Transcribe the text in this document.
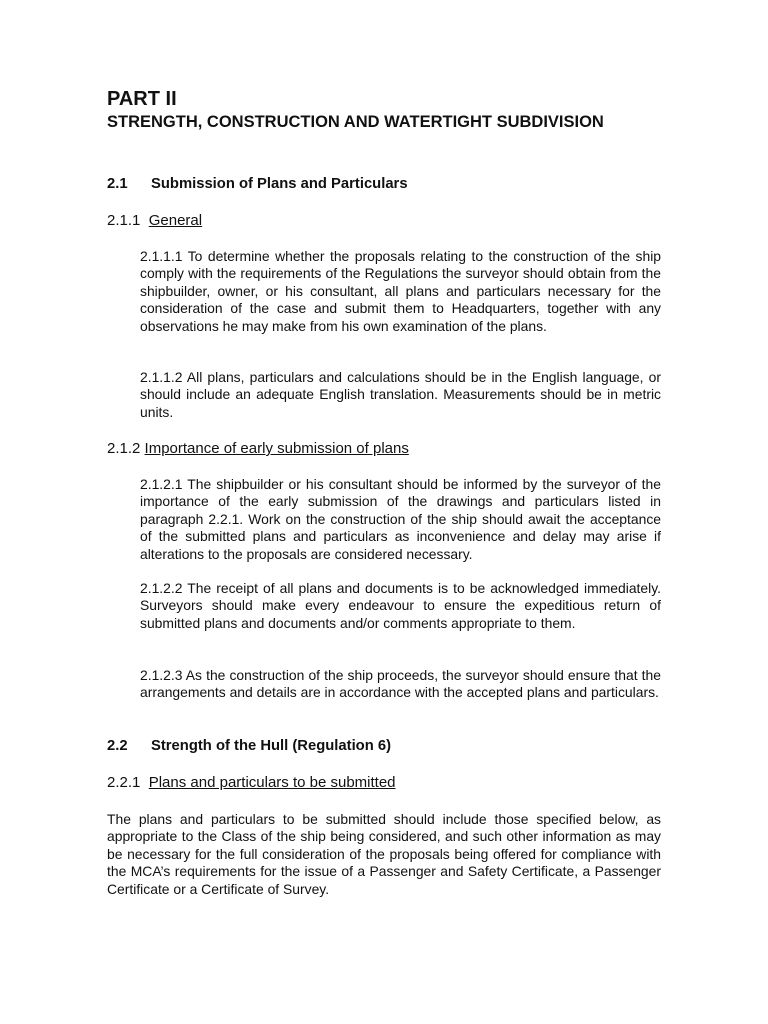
PART II
STRENGTH, CONSTRUCTION AND WATERTIGHT SUBDIVISION
2.1 Submission of Plans and Particulars
2.1.1 General

2.1.1.1 To determine whether the proposals relating to the construction of the ship comply with the requirements of the Regulations the surveyor should obtain from the shipbuilder, owner, or his consultant, all plans and particulars necessary for the consideration of the case and submit them to Headquarters, together with any observations he may make from his own examination of the plans.

2.1.1.2 All plans, particulars and calculations should be in the English language, or should include an adequate English translation. Measurements should be in metric units.

2.1.2 Importance of early submission of plans

2.1.2.1 The shipbuilder or his consultant should be informed by the surveyor of the importance of the early submission of the drawings and particulars listed in paragraph 2.2.1. Work on the construction of the ship should await the acceptance of the submitted plans and particulars as inconvenience and delay may arise if alterations to the proposals are considered necessary.

2.1.2.2 The receipt of all plans and documents is to be acknowledged immediately. Surveyors should make every endeavour to ensure the expeditious return of submitted plans and documents and/or comments appropriate to them.

2.1.2.3 As the construction of the ship proceeds, the surveyor should ensure that the arrangements and details are in accordance with the accepted plans and particulars.

2.2 Strength of the Hull (Regulation 6)
2.2.1 Plans and particulars to be submitted

The plans and particulars to be submitted should include those specified below, as appropriate to the Class of the ship being considered, and such other information as may be necessary for the full consideration of the proposals being offered for compliance with the MCA’s requirements for the issue of a Passenger and Safety Certificate, a Passenger Certificate or a Certificate of Survey.
